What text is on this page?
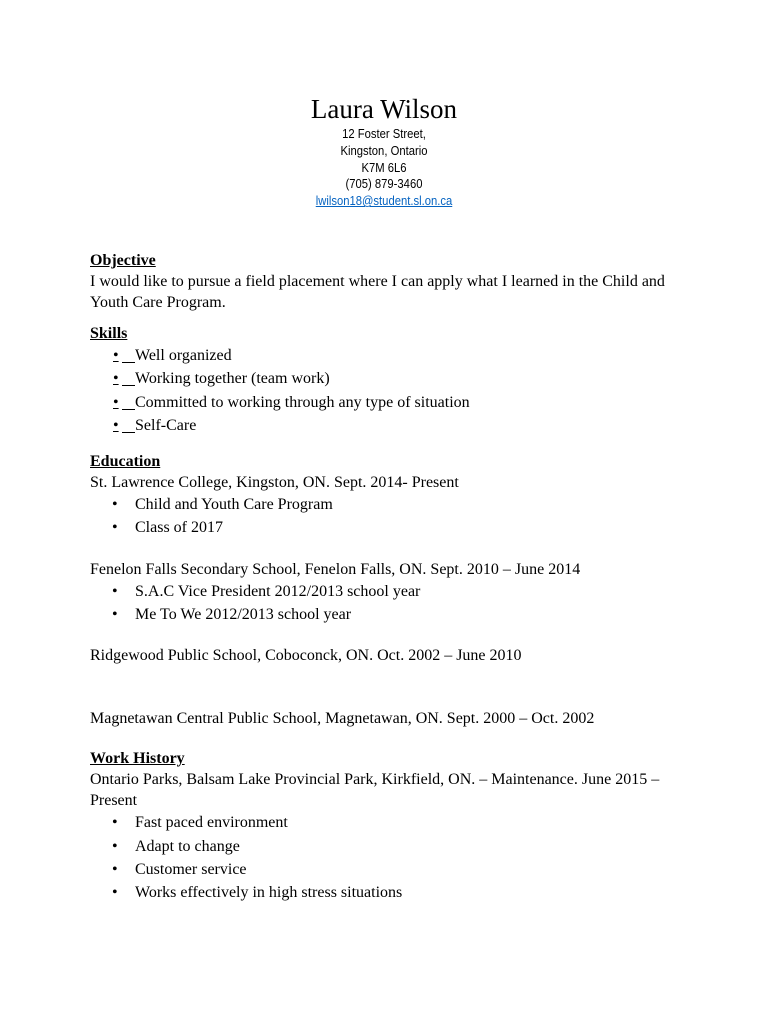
Laura Wilson
12 Foster Street,
Kingston, Ontario
K7M 6L6
(705) 879-3460
lwilson18@student.sl.on.ca
Objective

I would like to pursue a field placement where I can apply what I learned in the Child and Youth Care Program.

Skills
• Well organized
• Working together (team work)
• Committed to working through any type of situation
• Self-Care
Education
St. Lawrence College, Kingston, ON. Sept. 2014- Present
• Child and Youth Care Program
• Class of 2017
Fenelon Falls Secondary School, Fenelon Falls, ON. Sept. 2010 – June 2014
• S.A.C Vice President 2012/2013 school year
• Me To We 2012/2013 school year
Ridgewood Public School, Coboconck, ON. Oct. 2002 – June 2010
Magnetawan Central Public School, Magnetawan, ON. Sept. 2000 – Oct. 2002
Work History

Ontario Parks, Balsam Lake Provincial Park, Kirkfield, ON. – Maintenance. June 2015 – Present

• Fast paced environment
• Adapt to change
• Customer service
• Works effectively in high stress situations
